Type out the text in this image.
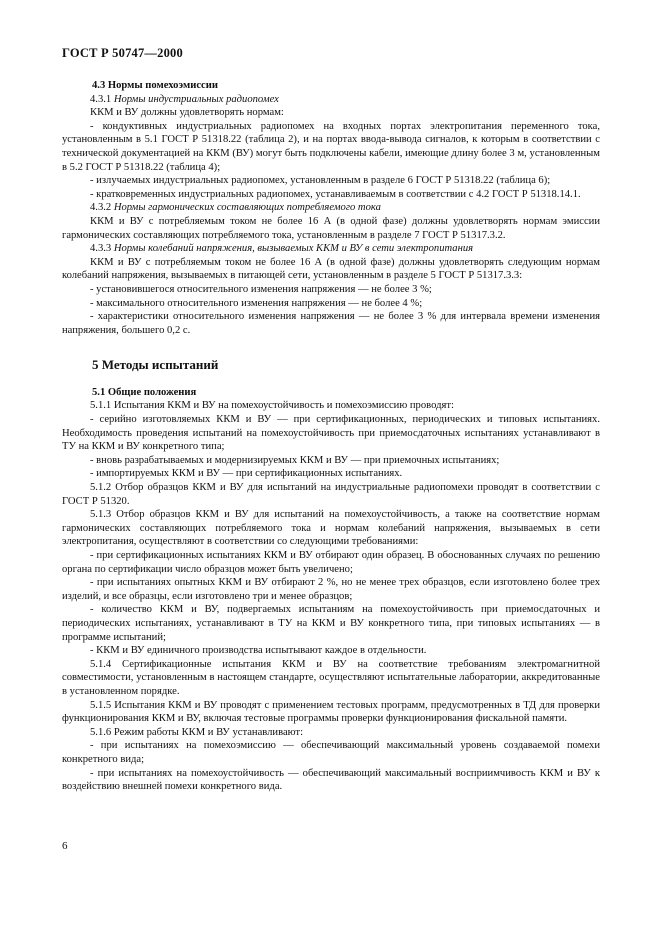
ГОСТ Р 50747—2000

4.3 Нормы помехоэмиссии

4.3.1 Нормы индустриальных радиопомех

ККМ и ВУ должны удовлетворять нормам:

- кондуктивных индустриальных радиопомех на входных портах электропитания переменного тока, установленным в 5.1 ГОСТ Р 51318.22 (таблица 2), и на портах ввода-вывода сигналов, к которым в соответствии с технической документацией на ККМ (ВУ) могут быть подключены кабели, имеющие длину более 3 м, установленным в 5.2 ГОСТ Р 51318.22 (таблица 4);

- излучаемых индустриальных радиопомех, установленным в разделе 6 ГОСТ Р 51318.22 (таблица 6);

- кратковременных индустриальных радиопомех, устанавливаемым в соответствии с 4.2 ГОСТ Р 51318.14.1.

4.3.2 Нормы гармонических составляющих потребляемого тока

ККМ и ВУ с потребляемым током не более 16 А (в одной фазе) должны удовлетворять нормам эмиссии гармонических составляющих потребляемого тока, установленным в разделе 7 ГОСТ Р 51317.3.2.

4.3.3 Нормы колебаний напряжения, вызываемых ККМ и ВУ в сети электропитания

ККМ и ВУ с потребляемым током не более 16 А (в одной фазе) должны удовлетворять следующим нормам колебаний напряжения, вызываемых в питающей сети, установленным в разделе 5 ГОСТ Р 51317.3.3:

- установившегося относительного изменения напряжения — не более 3 %;

- максимального относительного изменения напряжения — не более 4 %;

- характеристики относительного изменения напряжения — не более 3 % для интервала времени изменения напряжения, большего 0,2 с.

5 Методы испытаний

5.1 Общие положения

5.1.1 Испытания ККМ и ВУ на помехоустойчивость и помехоэмиссию проводят:

- серийно изготовляемых ККМ и ВУ — при сертификационных, периодических и типовых испытаниях. Необходимость проведения испытаний на помехоустойчивость при приемосдаточных испытаниях устанавливают в ТУ на ККМ и ВУ конкретного типа;

- вновь разрабатываемых и модернизируемых ККМ и ВУ — при приемочных испытаниях;

- импортируемых ККМ и ВУ — при сертификационных испытаниях.

5.1.2 Отбор образцов ККМ и ВУ для испытаний на индустриальные радиопомехи проводят в соответствии с ГОСТ Р 51320.

5.1.3 Отбор образцов ККМ и ВУ для испытаний на помехоустойчивость, а также на соответствие нормам гармонических составляющих потребляемого тока и нормам колебаний напряжения, вызываемых в сети электропитания, осуществляют в соответствии со следующими требованиями:

- при сертификационных испытаниях ККМ и ВУ отбирают один образец. В обоснованных случаях по решению органа по сертификации число образцов может быть увеличено;

- при испытаниях опытных ККМ и ВУ отбирают 2 %, но не менее трех образцов, если изготовлено более трех изделий, и все образцы, если изготовлено три и менее образцов;

- количество ККМ и ВУ, подвергаемых испытаниям на помехоустойчивость при приемосдаточных и периодических испытаниях, устанавливают в ТУ на ККМ и ВУ конкретного типа, при типовых испытаниях — в программе испытаний;

- ККМ и ВУ единичного производства испытывают каждое в отдельности.

5.1.4 Сертификационные испытания ККМ и ВУ на соответствие требованиям электромагнитной совместимости, установленным в настоящем стандарте, осуществляют испытательные лаборатории, аккредитованные в установленном порядке.

5.1.5 Испытания ККМ и ВУ проводят с применением тестовых программ, предусмотренных в ТД для проверки функционирования ККМ и ВУ, включая тестовые программы проверки функционирования фискальной памяти.

5.1.6 Режим работы ККМ и ВУ устанавливают:

- при испытаниях на помехоэмиссию — обеспечивающий максимальный уровень создаваемой помехи конкретного вида;

- при испытаниях на помехоустойчивость — обеспечивающий максимальный восприимчивость ККМ и ВУ к воздействию внешней помехи конкретного вида.

6
